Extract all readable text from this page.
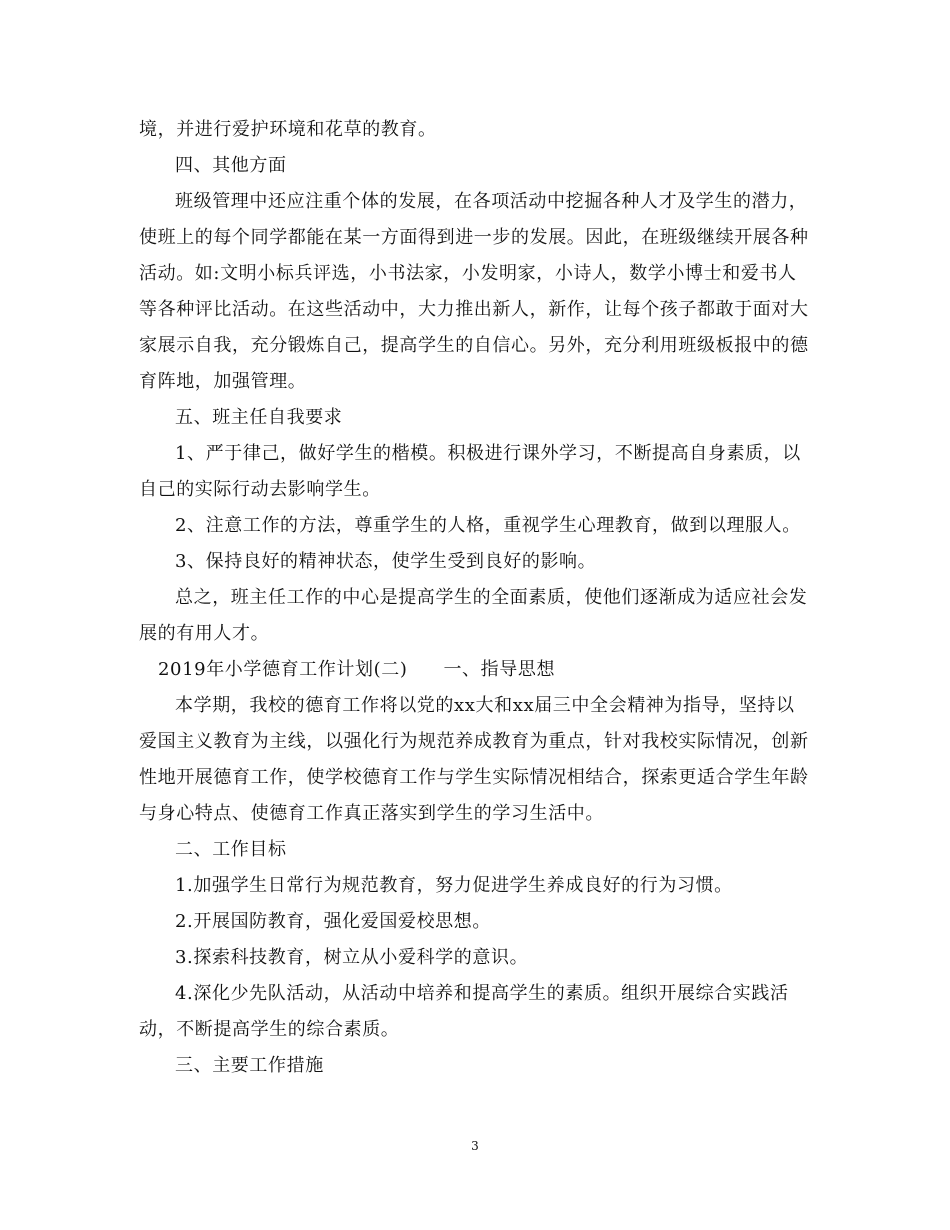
境，并进行爱护环境和花草的教育。
四、其他方面
班级管理中还应注重个体的发展，在各项活动中挖掘各种人才及学生的潜力，
使班上的每个同学都能在某一方面得到进一步的发展。因此，在班级继续开展各种
活动。如:文明小标兵评选，小书法家，小发明家，小诗人，数学小博士和爱书人
等各种评比活动。在这些活动中，大力推出新人，新作，让每个孩子都敢于面对大
家展示自我，充分锻炼自己，提高学生的自信心。另外，充分利用班级板报中的德
育阵地，加强管理。
五、班主任自我要求
1、严于律己，做好学生的楷模。积极进行课外学习，不断提高自身素质，以
自己的实际行动去影响学生。
2、注意工作的方法，尊重学生的人格，重视学生心理教育，做到以理服人。
3、保持良好的精神状态，使学生受到良好的影响。
总之，班主任工作的中心是提高学生的全面素质，使他们逐渐成为适应社会发
展的有用人才。
2019年小学德育工作计划(二) 一、指导思想
本学期，我校的德育工作将以党的xx大和xx届三中全会精神为指导，坚持以
爱国主义教育为主线，以强化行为规范养成教育为重点，针对我校实际情况，创新
性地开展德育工作，使学校德育工作与学生实际情况相结合，探索更适合学生年龄
与身心特点、使德育工作真正落实到学生的学习生活中。
二、工作目标
1.加强学生日常行为规范教育，努力促进学生养成良好的行为习惯。
2.开展国防教育，强化爱国爱校思想。
3.探索科技教育，树立从小爱科学的意识。
4.深化少先队活动，从活动中培养和提高学生的素质。组织开展综合实践活
动，不断提高学生的综合素质。
三、主要工作措施
3
